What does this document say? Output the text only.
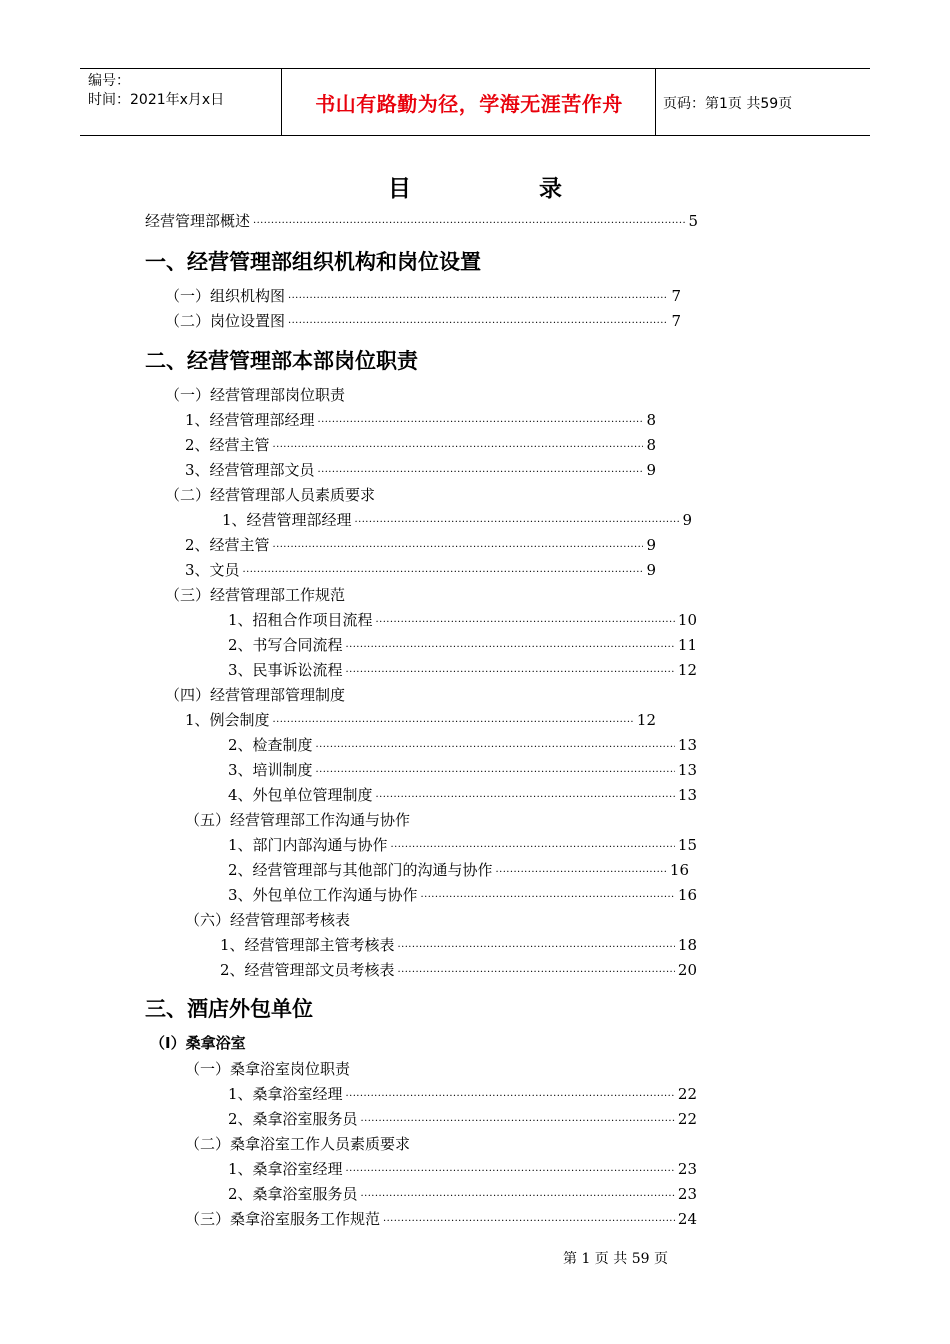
编号：
时间：2021年x月x日	书山有路勤为径，学海无涯苦作舟	页码：第1页 共59页
目 录
经营管理部概述 ·····	5
一、经营管理部组织机构和岗位设置
（一）组织机构图 ·····	7
（二）岗位设置图 ·····	7
二、经营管理部本部岗位职责
（一）经营管理部岗位职责
1、经营管理部经理 ·····	8
2、经营主管 ·····	8
3、经营管理部文员 ·····	9
（二）经营管理部人员素质要求
1、经营管理部经理 ·····	9
2、经营主管 ·····	9
3、文员 ·····	9
（三）经营管理部工作规范
1、招租合作项目流程 ·····	10
2、书写合同流程 ·····	11
3、民事诉讼流程 ·····	12
（四）经营管理部管理制度
1、例会制度 ·····	12
2、检查制度 ·····	13
3、培训制度 ·····	13
4、外包单位管理制度 ·····	13
（五）经营管理部工作沟通与协作
1、部门内部沟通与协作 ·····	15
2、经营管理部与其他部门的沟通与协作 ·····	16
3、外包单位工作沟通与协作 ·····	16
（六）经营管理部考核表
1、经营管理部主管考核表 ·····	18
2、经营管理部文员考核表 ·····	20
三、酒店外包单位
（Ⅰ）桑拿浴室
（一）桑拿浴室岗位职责
1、桑拿浴室经理 ·····	22
2、桑拿浴室服务员 ·····	22
（二）桑拿浴室工作人员素质要求
1、桑拿浴室经理 ·····	23
2、桑拿浴室服务员 ·····	23
（三）桑拿浴室服务工作规范 ·····	24
第 1 页 共 59 页
